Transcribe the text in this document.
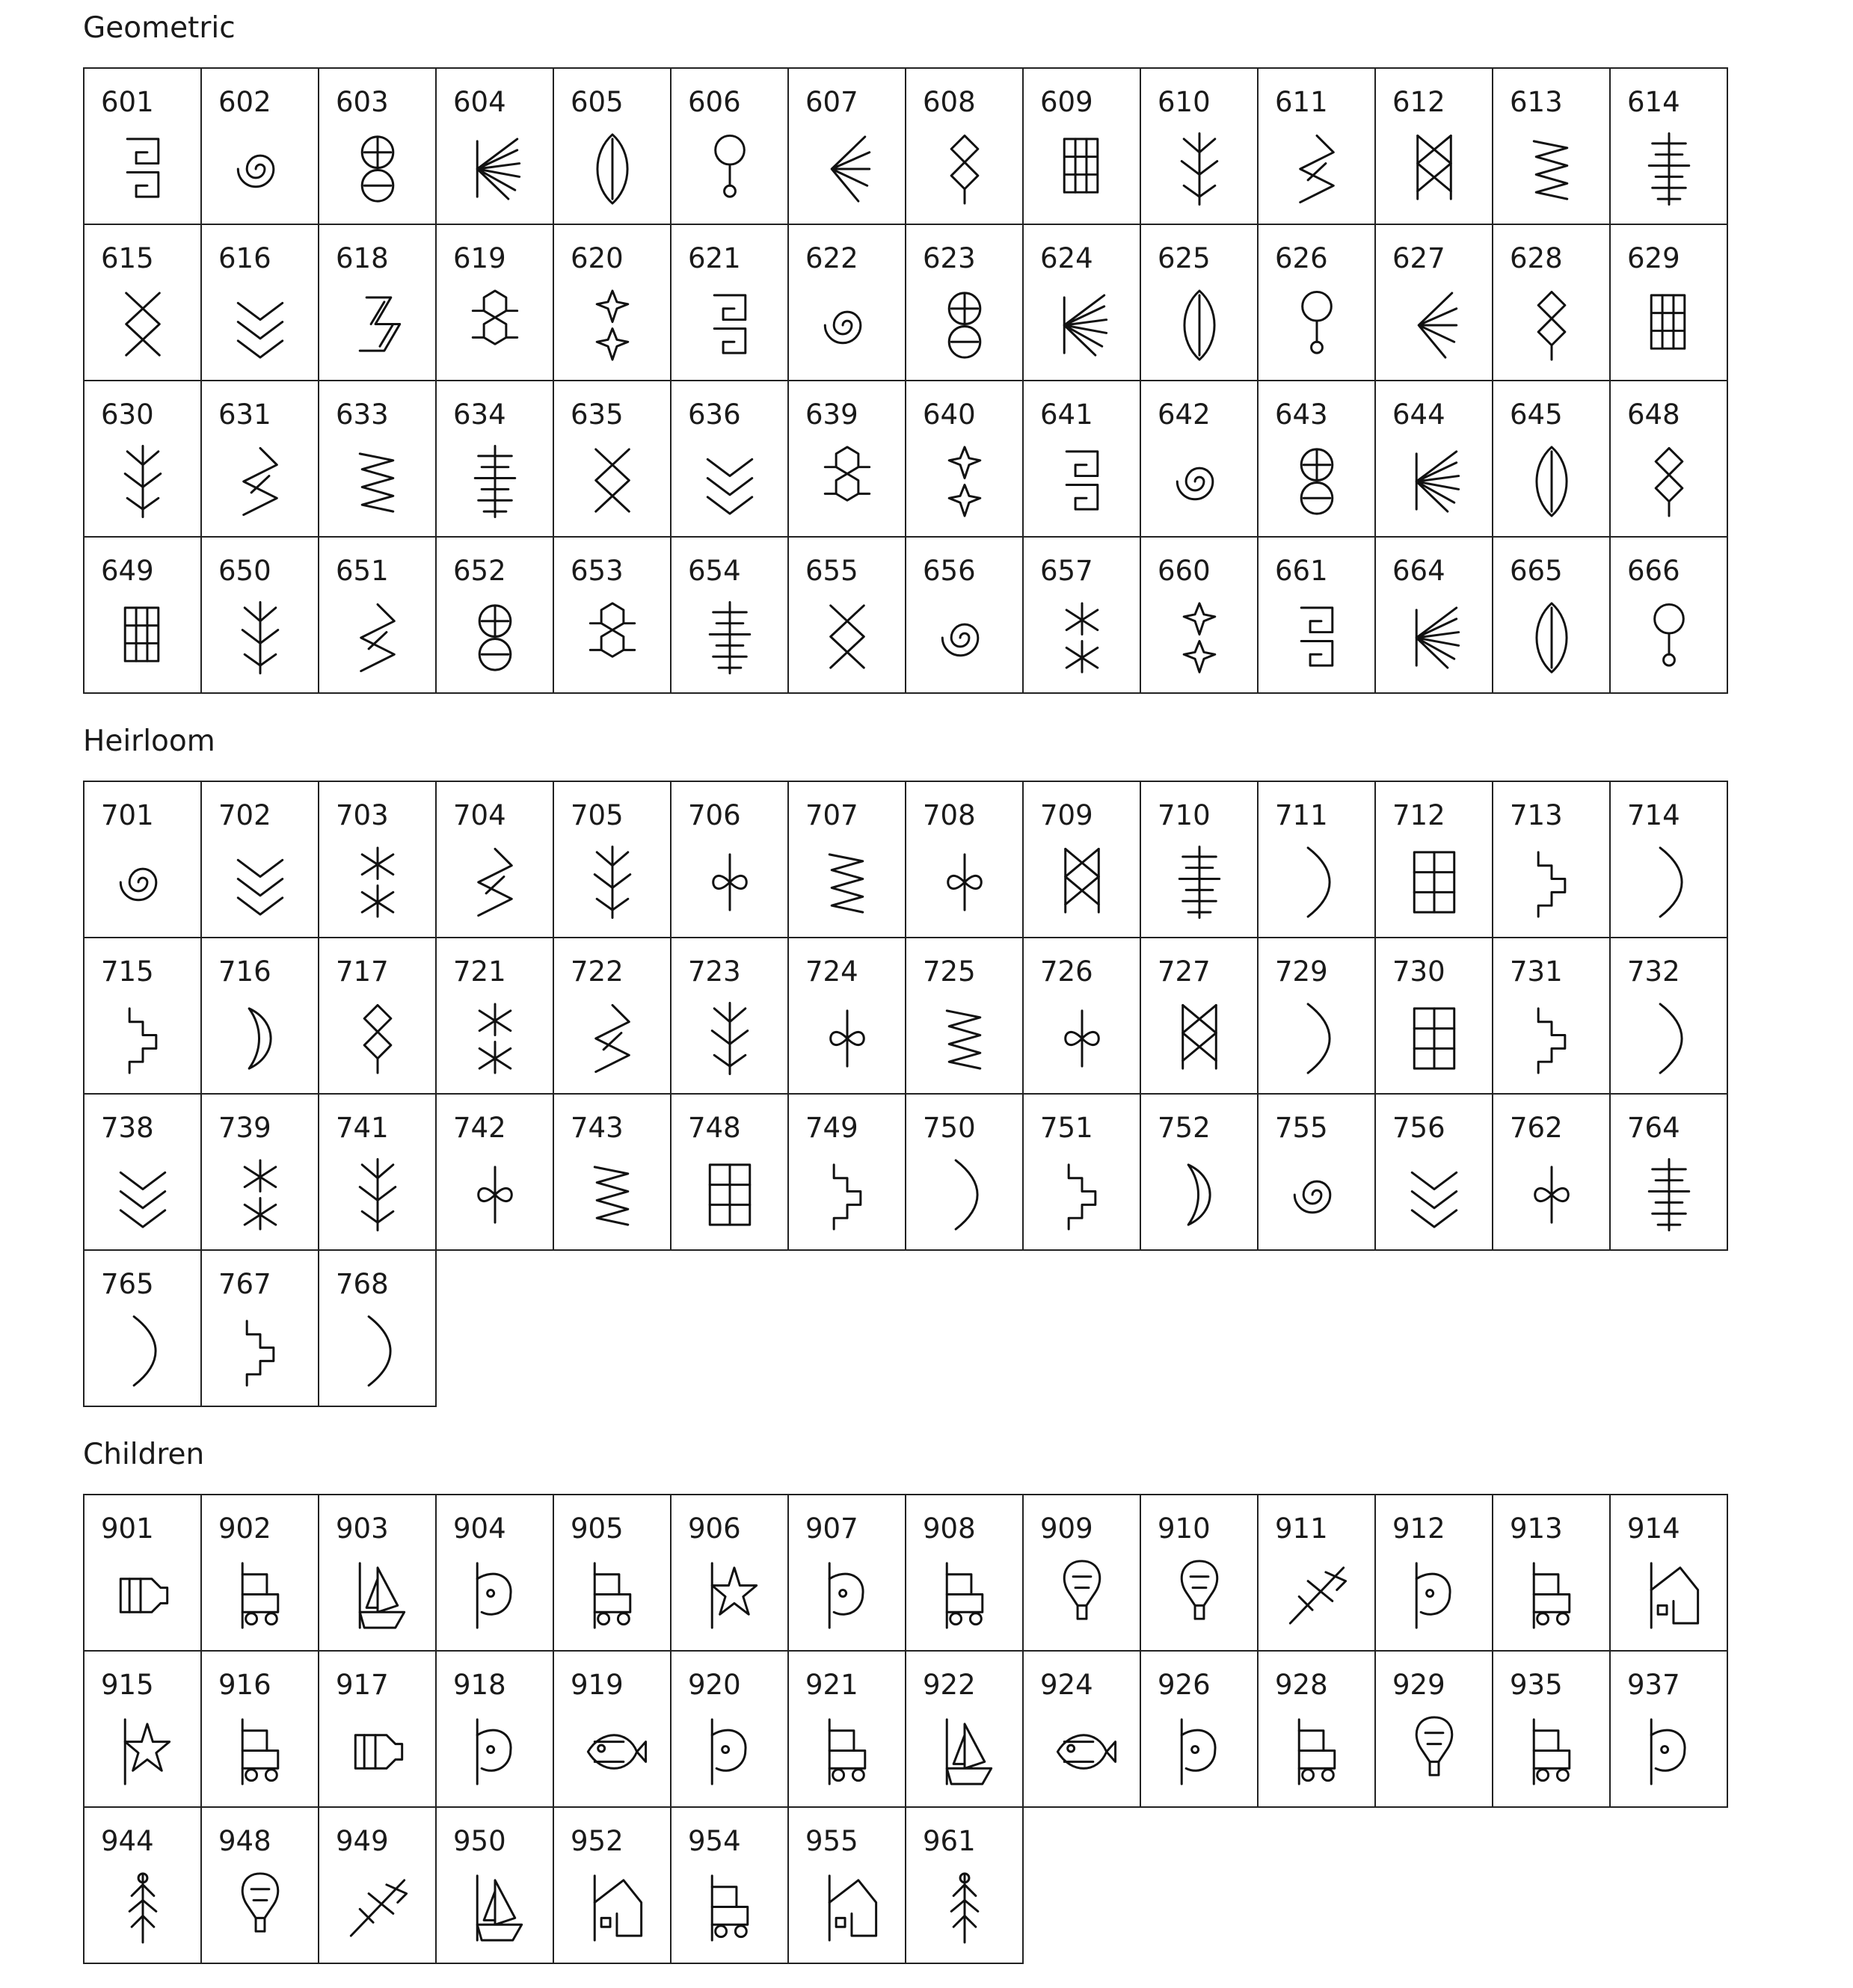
Geometric
601 602 603 604 605 606 607 608 609 610 611 612 613 614
615 616 618 619 620 621 622 623 624 625 626 627 628 629
630 631 633 634 635 636 639 640 641 642 643 644 645 648
649 650 651 652 653 654 655 656 657 660 661 664 665 666
Heirloom
701 702 703 704 705 706 707 708 709 710 711 712 713 714
715 716 717 721 722 723 724 725 726 727 729 730 731 732
738 739 741 742 743 748 749 750 751 752 755 756 762 764
765 767 768
Children
901 902 903 904 905 906 907 908 909 910 911 912 913 914
915 916 917 918 919 920 921 922 924 926 928 929 935 937
944 948 949 950 952 954 955 961
